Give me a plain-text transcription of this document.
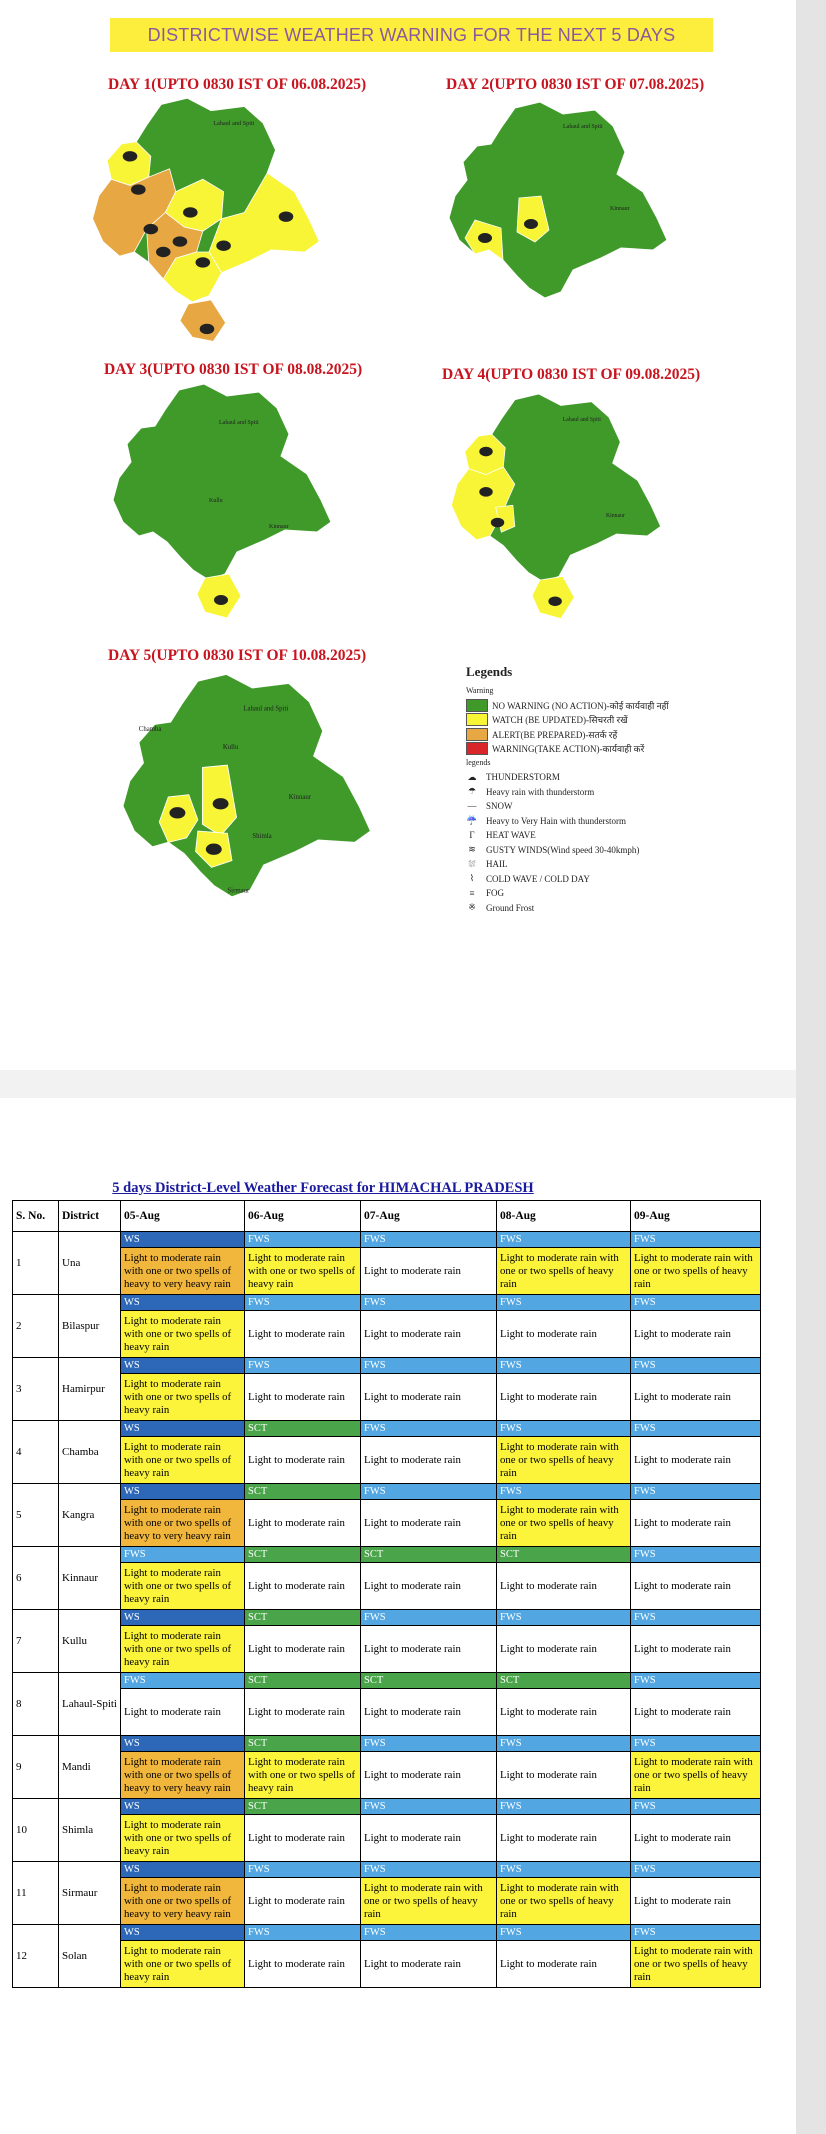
DISTRICTWISE WEATHER WARNING FOR THE NEXT 5 DAYS
DAY 1(UPTO 0830 IST OF 06.08.2025)	DAY 2(UPTO 0830 IST OF 07.08.2025)
DAY 3(UPTO 0830 IST OF 08.08.2025)	DAY 4(UPTO 0830 IST OF 09.08.2025)
DAY 5(UPTO 0830 IST OF 10.08.2025)
Lahaul and Spiti	Lahaul and Spiti
Kinnaur
Lahaul and Spiti
Kullu
Kinnaur
Lahaul and Spiti
Kinnaur
Chamba
Lahaul and Spiti
Kullu
Kinnaur
Shimla
Sirmaur
Legends
Warning
NO WARNING (NO ACTION)-कोई कार्यवाही नहीं
WATCH (BE UPDATED)-सिचरती रखें
ALERT(BE PREPARED)-सतर्क रहें
WARNING(TAKE ACTION)-कार्यवाही करें
legends
☁ THUNDERSTORM
☂ Heavy rain with thunderstorm
— SNOW
☔ Heavy to Very Hain with thunderstorm
Γ	HEAT WAVE
≋ GUSTY WINDS(Wind speed 30-40kmph)
⛆ HAIL
⌇	COLD WAVE / COLD DAY
≡	FOG
※ Ground Frost
5 days District-Level Weather Forecast for HIMACHAL PRADESH
S. No.	District	05-Aug	06-Aug	07-Aug	08-Aug	09-Aug
1	Una	WS	FWS	FWS	FWS	FWS
		Light to moderate rain with one or two spells of heavy to very heavy rain	Light to moderate rain with one or two spells of heavy rain	Light to moderate rain	Light to moderate rain with one or two spells of heavy rain	Light to moderate rain with one or two spells of heavy rain
2	Bilaspur	WS	FWS	FWS	FWS	FWS
		Light to moderate rain with one or two spells of heavy rain	Light to moderate rain	Light to moderate rain	Light to moderate rain	Light to moderate rain
3	Hamirpur	WS	FWS	FWS	FWS	FWS
		Light to moderate rain with one or two spells of heavy rain	Light to moderate rain	Light to moderate rain	Light to moderate rain	Light to moderate rain
4	Chamba	WS	SCT	FWS	FWS	FWS
		Light to moderate rain with one or two spells of heavy rain	Light to moderate rain	Light to moderate rain	Light to moderate rain with one or two spells of heavy rain	Light to moderate rain
5	Kangra	WS	SCT	FWS	FWS	FWS
		Light to moderate rain with one or two spells of heavy to very heavy rain	Light to moderate rain	Light to moderate rain	Light to moderate rain with one or two spells of heavy rain	Light to moderate rain
6	Kinnaur	FWS	SCT	SCT	SCT	FWS
		Light to moderate rain with one or two spells of heavy rain	Light to moderate rain	Light to moderate rain	Light to moderate rain	Light to moderate rain
7	Kullu	WS	SCT	FWS	FWS	FWS
		Light to moderate rain with one or two spells of heavy rain	Light to moderate rain	Light to moderate rain	Light to moderate rain	Light to moderate rain
8	Lahaul-Spiti	FWS	SCT	SCT	SCT	FWS
		Light to moderate rain	Light to moderate rain	Light to moderate rain	Light to moderate rain	Light to moderate rain
9	Mandi	WS	SCT	FWS	FWS	FWS
		Light to moderate rain with one or two spells of heavy to very heavy rain	Light to moderate rain with one or two spells of heavy rain	Light to moderate rain	Light to moderate rain	Light to moderate rain with one or two spells of heavy rain
10	Shimla	WS	SCT	FWS	FWS	FWS
		Light to moderate rain with one or two spells of heavy rain	Light to moderate rain	Light to moderate rain	Light to moderate rain	Light to moderate rain
11	Sirmaur	WS	FWS	FWS	FWS	FWS
		Light to moderate rain with one or two spells of heavy to very heavy rain	Light to moderate rain	Light to moderate rain with one or two spells of heavy rain	Light to moderate rain with one or two spells of heavy rain	Light to moderate rain
12	Solan	WS	FWS	FWS	FWS	FWS
		Light to moderate rain with one or two spells of heavy rain	Light to moderate rain	Light to moderate rain	Light to moderate rain	Light to moderate rain with one or two spells of heavy rain
